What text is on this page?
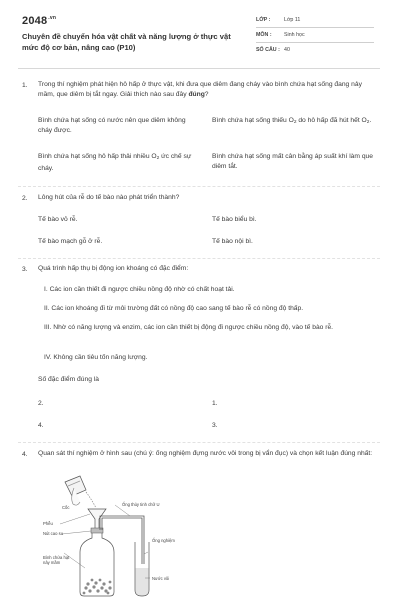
$2048^{.vn}$
Chuyên đề chuyển hóa vật chất và năng lượng ở thực vật mức độ cơ bản, nâng cao (P10)
LỚP :	Lớp 11
MÔN : Sinh học
SỐ CÂU : 40
1. Trong thí nghiệm phát hiện hô hấp ở thực vật, khi đưa que diêm đang cháy vào bình chứa hạt sống đang nảy mầm, que diêm bị tắt ngay. Giải thích nào sau đây đúng?
Bình chứa hạt sống có nước nên que diêm không cháy được.
Bình chứa hạt sống thiếu $O_2$ do hô hấp đã hút hết $O_2$.
Bình chứa hạt sống hô hấp thải nhiều $O_2$ ức chế sự cháy.
Bình chứa hạt sống mất cân bằng áp suất khí làm que diêm tắt.
2. Lông hút của rễ do tế bào nào phát triển thành?
Tế bào vỏ rễ.	Tế bào biểu bì.
Tế bào mạch gỗ ở rễ.	Tế bào nội bì.
3. Quá trình hấp thụ bị động ion khoáng có đặc điểm:
I. Các ion cần thiết đi ngược chiều nồng độ nhờ có chất hoạt tải.
II. Các ion khoáng đi từ môi trường đất có nồng độ cao sang tế bào rễ có nồng độ thấp.
III. Nhờ có năng lượng và enzim, các ion cần thiết bị động đi ngược chiều nồng độ, vào tế bào rễ.
IV. Không cần tiêu tốn năng lượng.
Số đặc điểm đúng là
2.	1.
4.	3.
4. Quan sát thí nghiệm ở hình sau (chú ý: ống nghiệm đựng nước vôi trong bị vẩn đục) và chọn kết luận đúng nhất:
Cốc
Phễu
Nút cao su
Bình chứa hạt nảy mầm
Ống thủy tinh chữ U
Ống nghiệm
Nước vôi
